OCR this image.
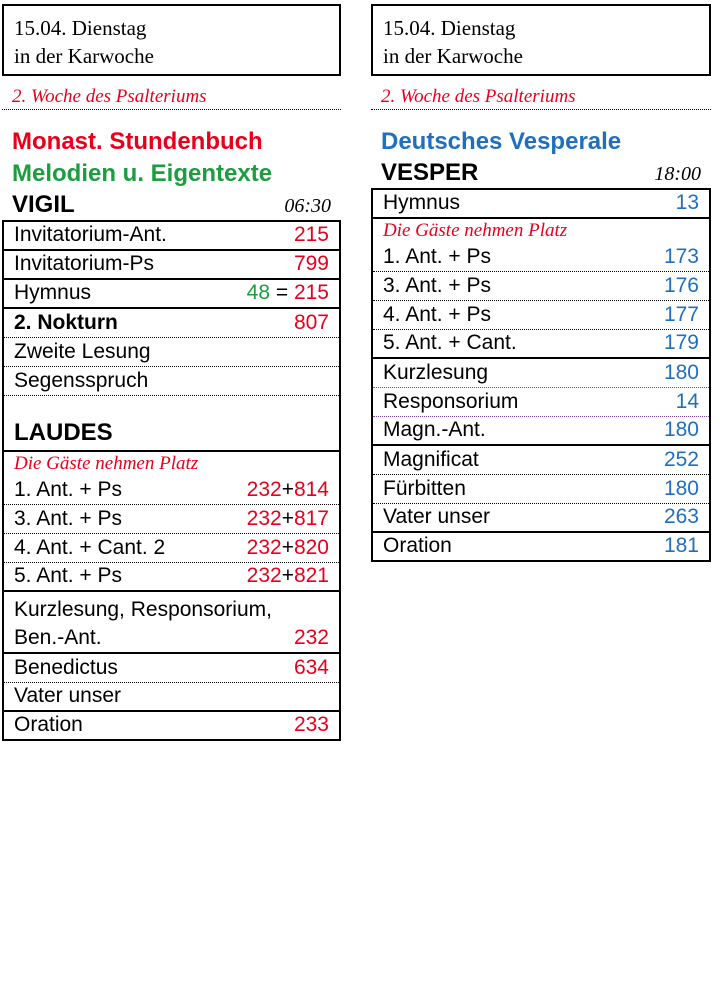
15.04. Dienstag
in der Karwoche
2. Woche des Psalteriums
Monast. Stundenbuch
Melodien u. Eigentexte
VIGIL	06:30
Invitatorium-Ant.	215
Invitatorium-Ps	799
Hymnus	48 = 215
2. Nokturn	807
Zweite Lesung
Segensspruch
LAUDES
Die Gäste nehmen Platz
1. Ant. + Ps	232+814
3. Ant. + Ps	232+817
4. Ant. + Cant. 2	232+820
5. Ant. + Ps	232+821
Kurzlesung, Responsorium,
Ben.-Ant.	232
Benedictus	634
Vater unser
Oration	233
15.04. Dienstag
in der Karwoche
2. Woche des Psalteriums
Deutsches Vesperale
VESPER	18:00
Hymnus	13
Die Gäste nehmen Platz
1. Ant. + Ps	173
3. Ant. + Ps	176
4. Ant. + Ps	177
5. Ant. + Cant.	179
Kurzlesung	180
Responsorium	14
Magn.-Ant.	180
Magnificat	252
Fürbitten	180
Vater unser	263
Oration	181
